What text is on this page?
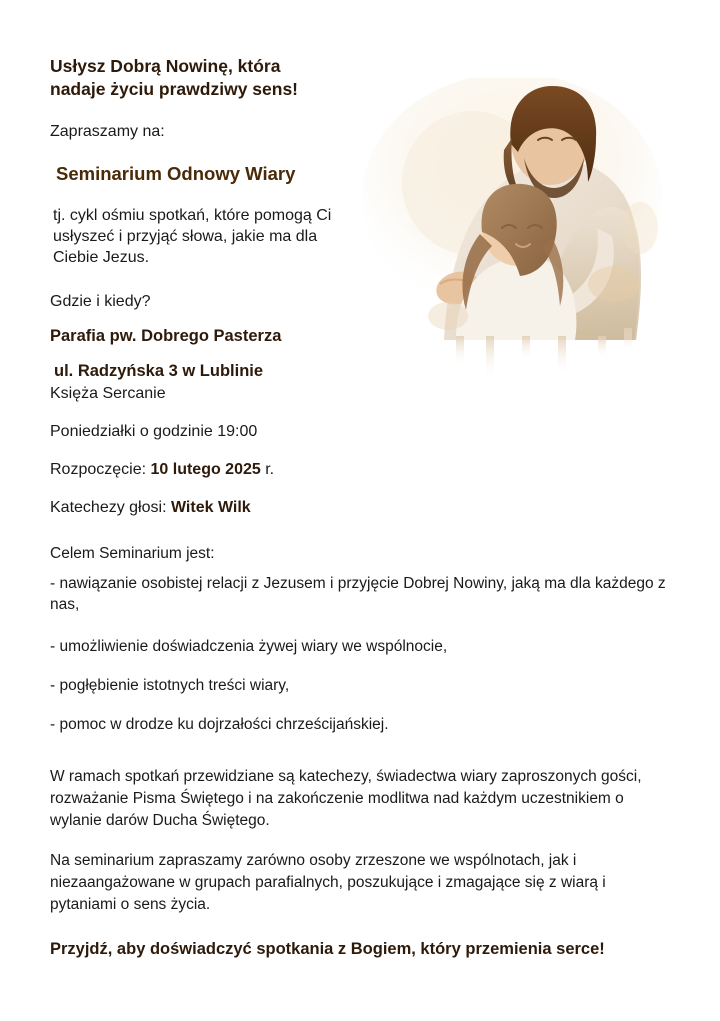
Usłysz Dobrą Nowinę, która
nadaje życiu prawdziwy sens!
Zapraszamy na:
Seminarium Odnowy Wiary
tj. cykl ośmiu spotkań, które pomogą Ci usłyszeć i przyjąć słowa, jakie ma dla Ciebie Jezus.
Gdzie i kiedy?
Parafia pw. Dobrego Pasterza
ul. Radzyńska 3 w Lublinie
Księża Sercanie
Poniedziałki o godzinie 19:00
Rozpoczęcie: 10 lutego 2025 r.
Katechezy głosi: Witek Wilk
Celem Seminarium jest:
- nawiązanie osobistej relacji z Jezusem i przyjęcie Dobrej Nowiny, jaką ma dla każdego z nas,
- umożliwienie doświadczenia żywej wiary we wspólnocie,
- pogłębienie istotnych treści wiary,
- pomoc w drodze ku dojrzałości chrześcijańskiej.
W ramach spotkań przewidziane są katechezy, świadectwa wiary zaproszonych gości, rozważanie Pisma Świętego i na zakończenie modlitwa nad każdym uczestnikiem o wylanie darów Ducha Świętego.
Na seminarium zapraszamy zarówno osoby zrzeszone we wspólnotach, jak i niezaangażowane w grupach parafialnych, poszukujące i zmagające się z wiarą i pytaniami o sens życia.
Przyjdź, aby doświadczyć spotkania z Bogiem, który przemienia serce!
